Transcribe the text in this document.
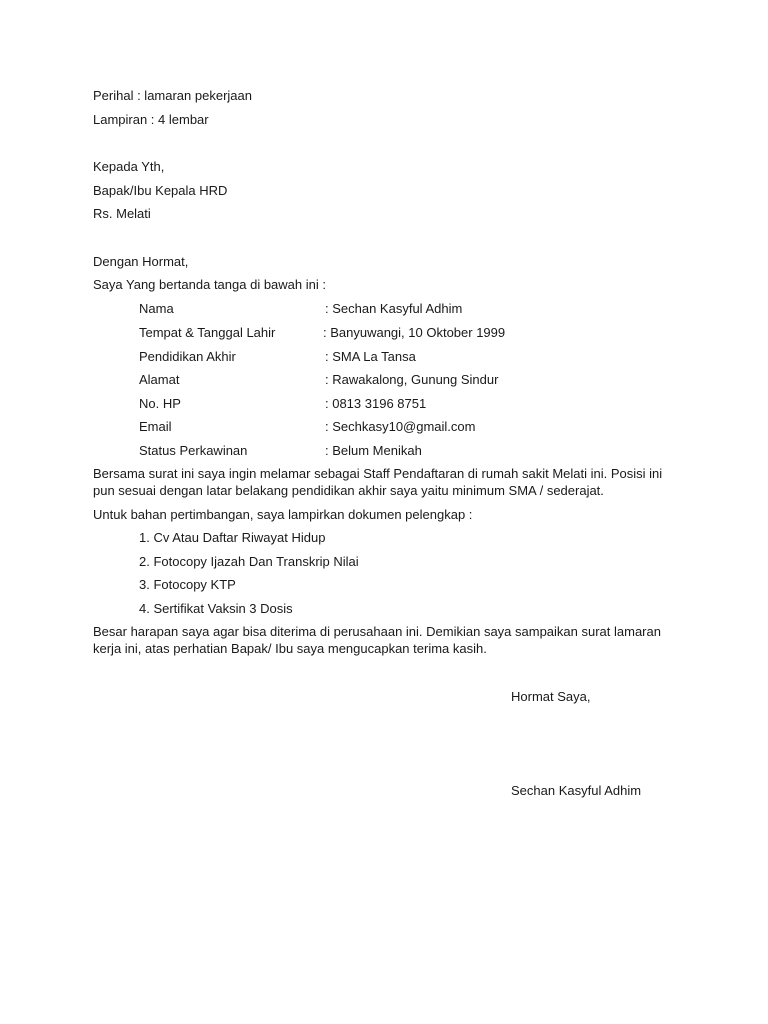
Perihal : lamaran pekerjaan
Lampiran : 4 lembar
Kepada Yth,
Bapak/Ibu Kepala HRD
Rs. Melati
Dengan Hormat,
Saya Yang bertanda tanga di bawah ini :
Nama	: Sechan Kasyful Adhim
Tempat & Tanggal Lahir	: Banyuwangi, 10 Oktober 1999
Pendidikan Akhir	: SMA La Tansa
Alamat	: Rawakalong, Gunung Sindur
No. HP	: 0813 3196 8751
Email	: Sechkasy10@gmail.com
Status Perkawinan	: Belum Menikah
Bersama surat ini saya ingin melamar sebagai Staff Pendaftaran di rumah sakit Melati ini. Posisi ini pun sesuai dengan latar belakang pendidikan akhir saya yaitu minimum SMA / sederajat.
Untuk bahan pertimbangan, saya lampirkan dokumen pelengkap :
1. Cv Atau Daftar Riwayat Hidup
2. Fotocopy Ijazah Dan Transkrip Nilai
3. Fotocopy KTP
4. Sertifikat Vaksin 3 Dosis
Besar harapan saya agar bisa diterima di perusahaan ini. Demikian saya sampaikan surat lamaran kerja ini, atas perhatian Bapak/ Ibu saya mengucapkan terima kasih.
Hormat Saya,
Sechan Kasyful Adhim
